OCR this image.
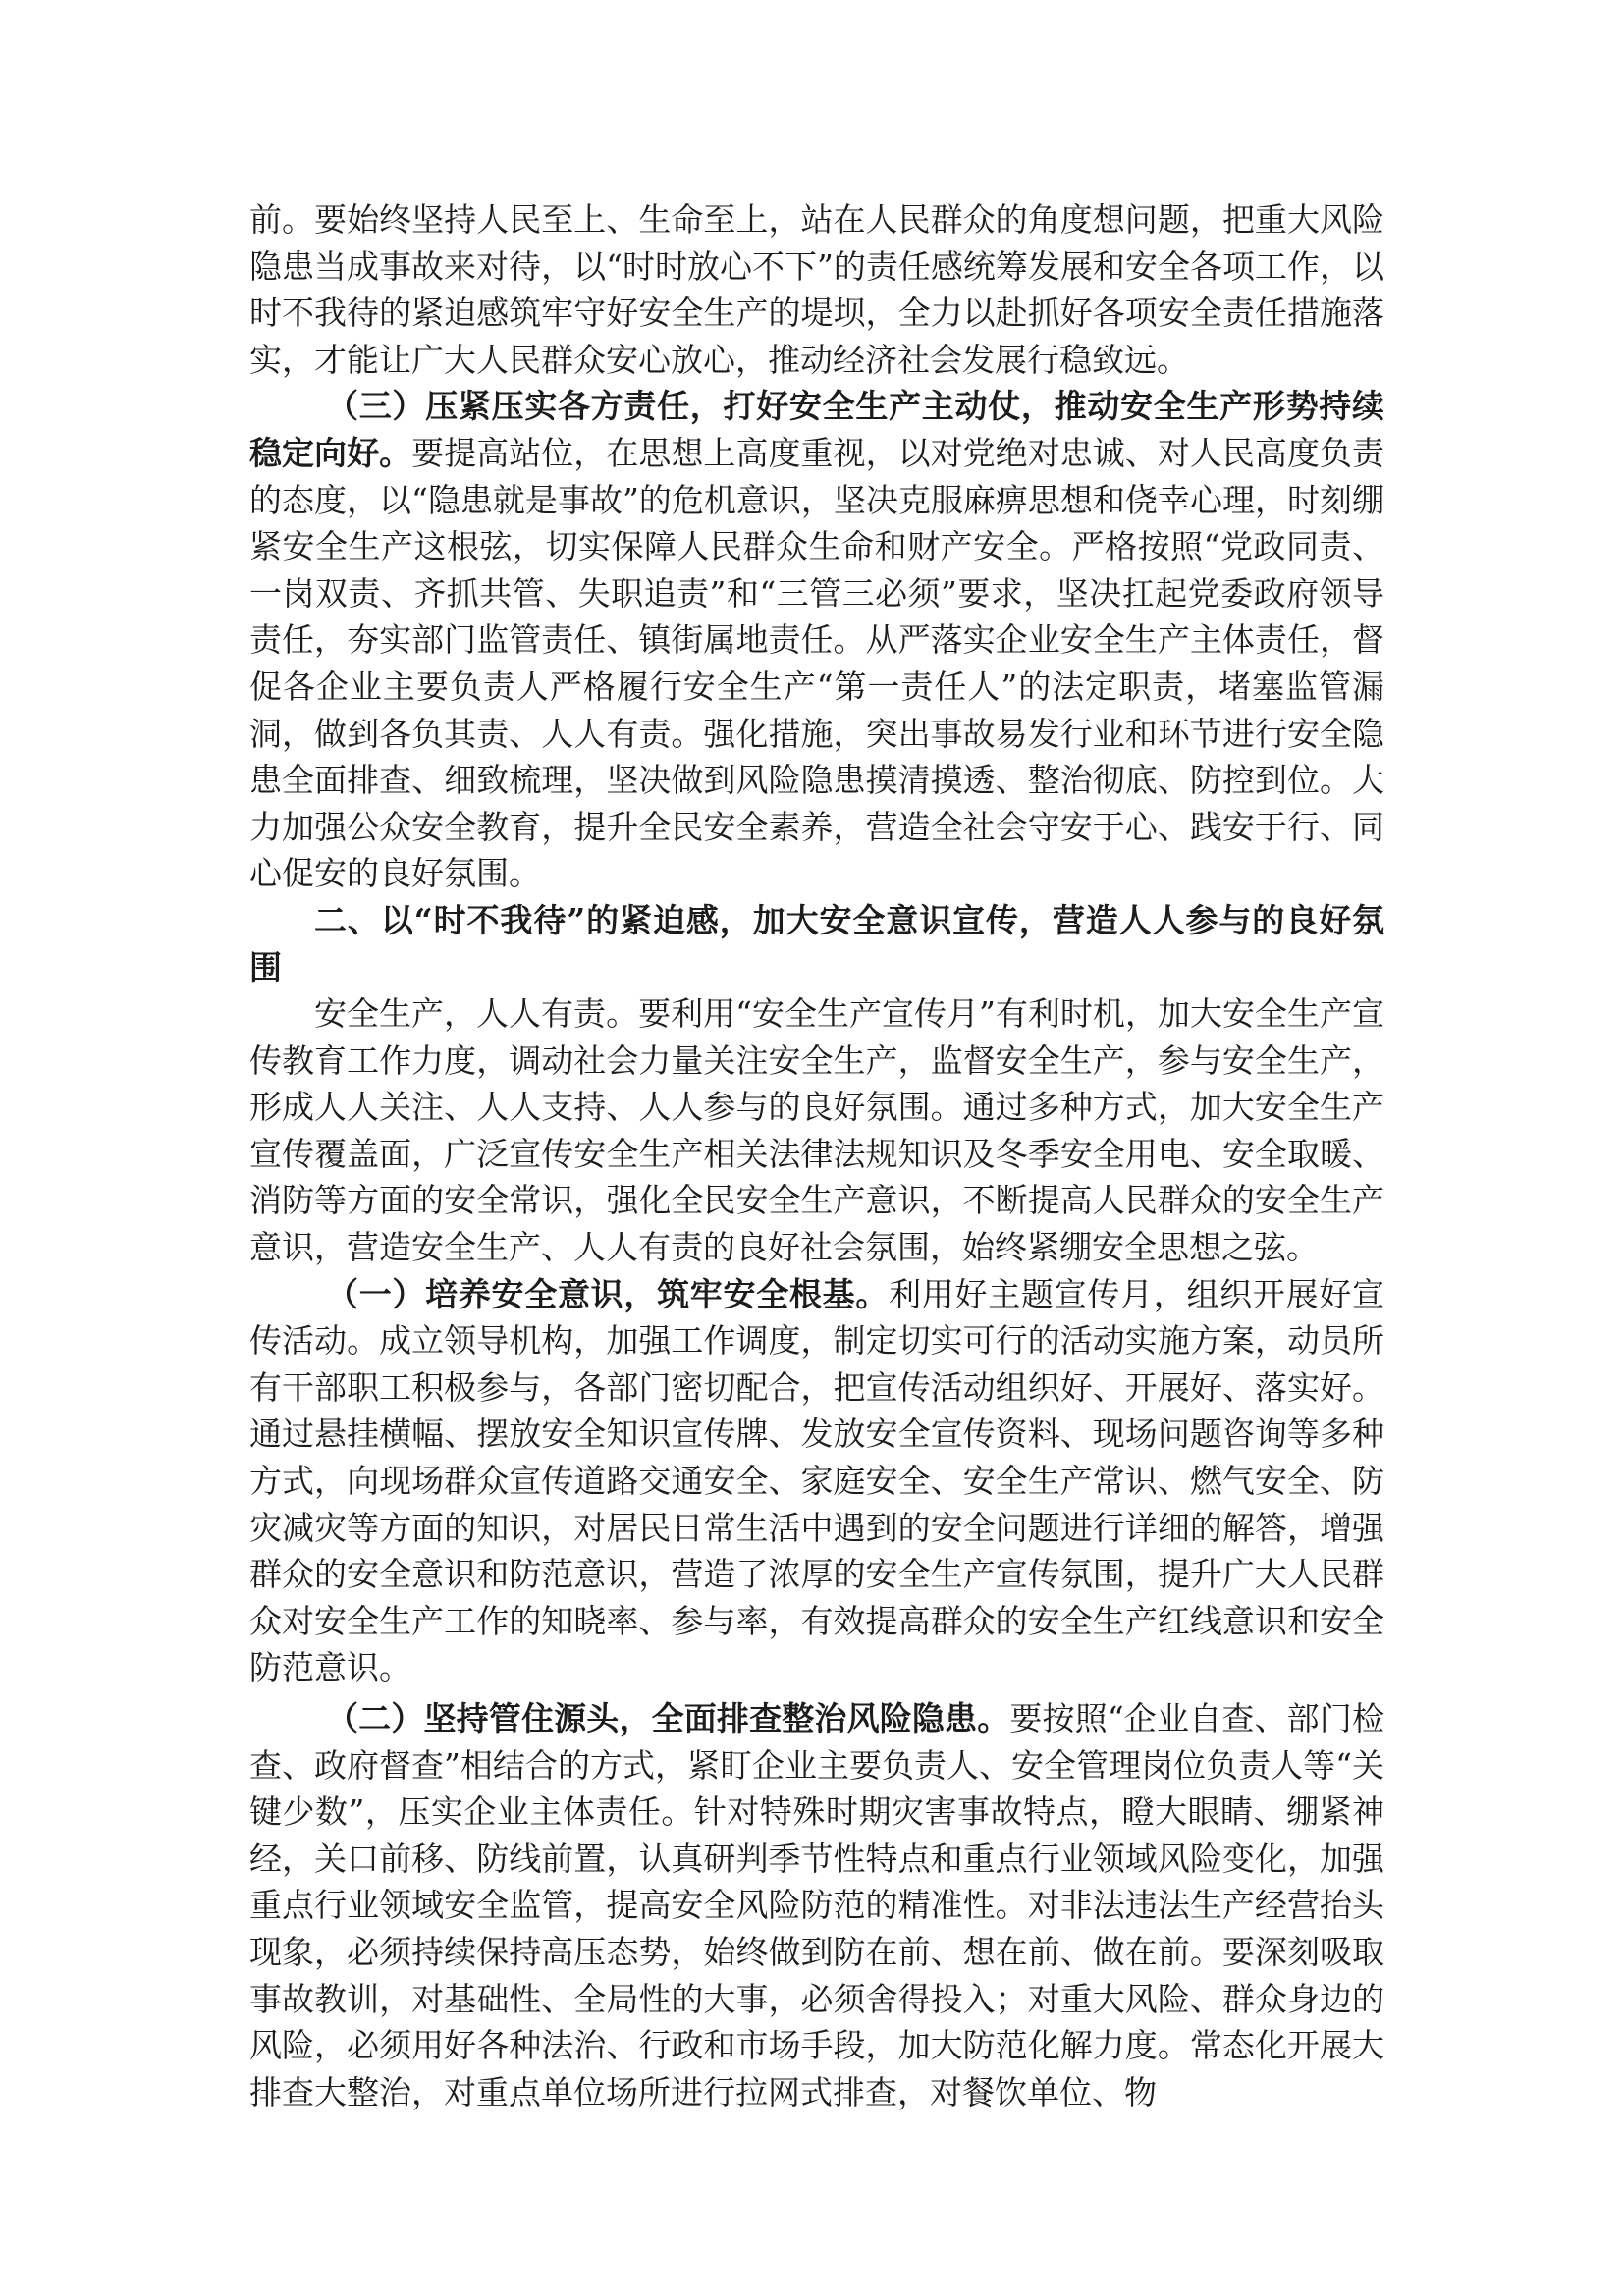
前。要始终坚持人民至上、生命至上，站在人民群众的角度想问题，把重大风险隐患当成事故来对待，以“时时放心不下”的责任感统筹发展和安全各项工作，以时不我待的紧迫感筑牢守好安全生产的堤坝，全力以赴抓好各项安全责任措施落实，才能让广大人民群众安心放心，推动经济社会发展行稳致远。

（三）压紧压实各方责任，打好安全生产主动仗，推动安全生产形势持续稳定向好。要提高站位，在思想上高度重视，以对党绝对忠诚、对人民高度负责的态度，以“隐患就是事故”的危机意识，坚决克服麻痹思想和侥幸心理，时刻绷紧安全生产这根弦，切实保障人民群众生命和财产安全。严格按照“党政同责、一岗双责、齐抓共管、失职追责”和“三管三必须”要求，坚决扛起党委政府领导责任，夯实部门监管责任、镇街属地责任。从严落实企业安全生产主体责任，督促各企业主要负责人严格履行安全生产“第一责任人”的法定职责，堵塞监管漏洞，做到各负其责、人人有责。强化措施，突出事故易发行业和环节进行安全隐患全面排查、细致梳理，坚决做到风险隐患摸清摸透、整治彻底、防控到位。大力加强公众安全教育，提升全民安全素养，营造全社会守安于心、践安于行、同心促安的良好氛围。

二、以“时不我待”的紧迫感，加大安全意识宣传，营造人人参与的良好氛围

安全生产，人人有责。要利用“安全生产宣传月”有利时机，加大安全生产宣传教育工作力度，调动社会力量关注安全生产，监督安全生产，参与安全生产，形成人人关注、人人支持、人人参与的良好氛围。通过多种方式，加大安全生产宣传覆盖面，广泛宣传安全生产相关法律法规知识及冬季安全用电、安全取暖、消防等方面的安全常识，强化全民安全生产意识，不断提高人民群众的安全生产意识，营造安全生产、人人有责的良好社会氛围，始终紧绷安全思想之弦。

（一）培养安全意识，筑牢安全根基。利用好主题宣传月，组织开展好宣传活动。成立领导机构，加强工作调度，制定切实可行的活动实施方案，动员所有干部职工积极参与，各部门密切配合，把宣传活动组织好、开展好、落实好。通过悬挂横幅、摆放安全知识宣传牌、发放安全宣传资料、现场问题咨询等多种方式，向现场群众宣传道路交通安全、家庭安全、安全生产常识、燃气安全、防灾减灾等方面的知识，对居民日常生活中遇到的安全问题进行详细的解答，增强群众的安全意识和防范意识，营造了浓厚的安全生产宣传氛围，提升广大人民群众对安全生产工作的知晓率、参与率，有效提高群众的安全生产红线意识和安全防范意识。

（二）坚持管住源头，全面排查整治风险隐患。要按照“企业自查、部门检查、政府督查”相结合的方式，紧盯企业主要负责人、安全管理岗位负责人等“关键少数”，压实企业主体责任。针对特殊时期灾害事故特点，瞪大眼睛、绷紧神经，关口前移、防线前置，认真研判季节性特点和重点行业领域风险变化，加强重点行业领域安全监管，提高安全风险防范的精准性。对非法违法生产经营抬头现象，必须持续保持高压态势，始终做到防在前、想在前、做在前。要深刻吸取事故教训，对基础性、全局性的大事，必须舍得投入；对重大风险、群众身边的风险，必须用好各种法治、行政和市场手段，加大防范化解力度。常态化开展大排查大整治，对重点单位场所进行拉网式排查，对餐饮单位、物
